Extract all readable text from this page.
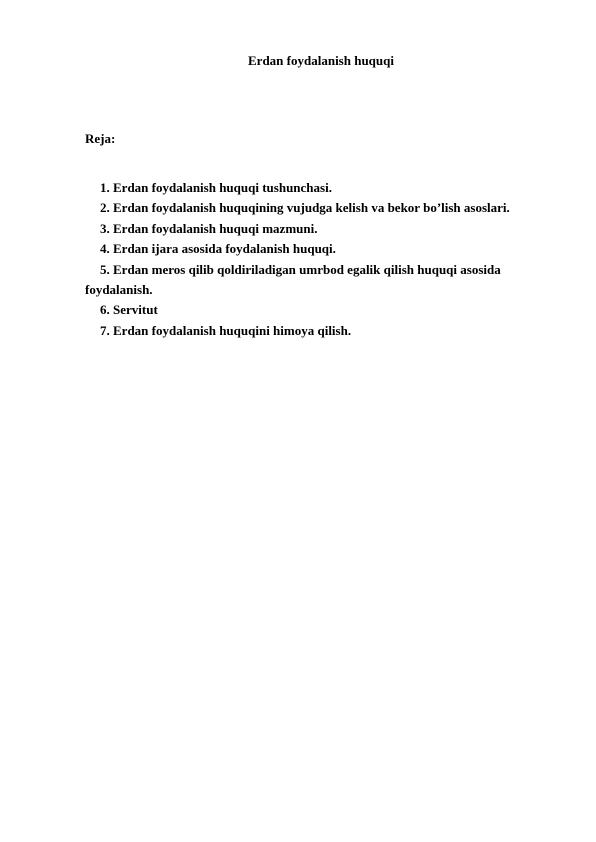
Erdan foydalanish huquqi
Reja:
1. Erdan foydalanish huquqi tushunchasi.
2. Erdan foydalanish huquqining vujudga kelish va bekor bo’lish asoslari.
3. Erdan foydalanish huquqi mazmuni.
4. Erdan ijara asosida foydalanish huquqi.
5. Erdan meros qilib qoldiriladigan umrbod egalik qilish huquqi asosida foydalanish.
6. Servitut
7. Erdan foydalanish huquqini himoya qilish.
